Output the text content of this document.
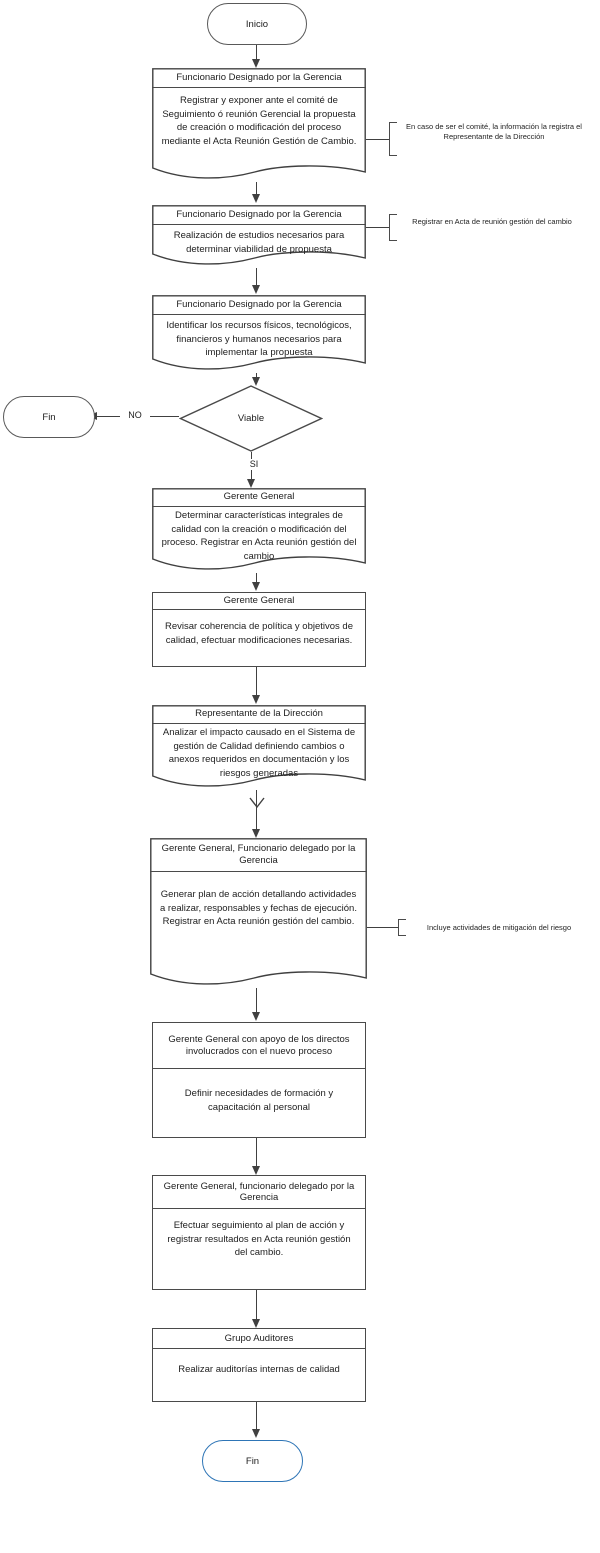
Inicio
Funcionario Designado por la Gerencia
Registrar y exponer ante el comité de Seguimiento ó reunión Gerencial la propuesta de creación o modificación del proceso mediante el Acta Reunión Gestión de Cambio.
En caso de ser el comité, la información la registra el Representante de la Dirección
Funcionario Designado por la Gerencia
Realización de estudios necesarios para determinar viabilidad de propuesta
Registrar en Acta de reunión gestión del cambio
Funcionario Designado por la Gerencia
Identificar los recursos físicos, tecnológicos, financieros y humanos necesarios para implementar la propuesta
Viable
NO
Fin
SI
Gerente General
Determinar características integrales de calidad con la creación o modificación del proceso. Registrar en Acta reunión gestión del cambio
Gerente General
Revisar coherencia de política y objetivos de calidad, efectuar modificaciones necesarias.
Representante de la Dirección
Analizar el impacto causado en el Sistema de gestión de Calidad definiendo cambios o anexos requeridos en documentación y los riesgos generadas
Gerente General, Funcionario delegado por la Gerencia
Generar plan de acción detallando actividades a realizar, responsables y fechas de ejecución. Registrar en Acta reunión gestión del cambio.
Incluye actividades de mitigación del riesgo
Gerente General con apoyo de los directos involucrados con el nuevo proceso
Definir necesidades de formación y capacitación al personal
Gerente General, funcionario delegado por la Gerencia
Efectuar seguimiento al plan de acción y registrar resultados en Acta reunión gestión del cambio.
Grupo Auditores
Realizar auditorías internas de calidad
Fin
